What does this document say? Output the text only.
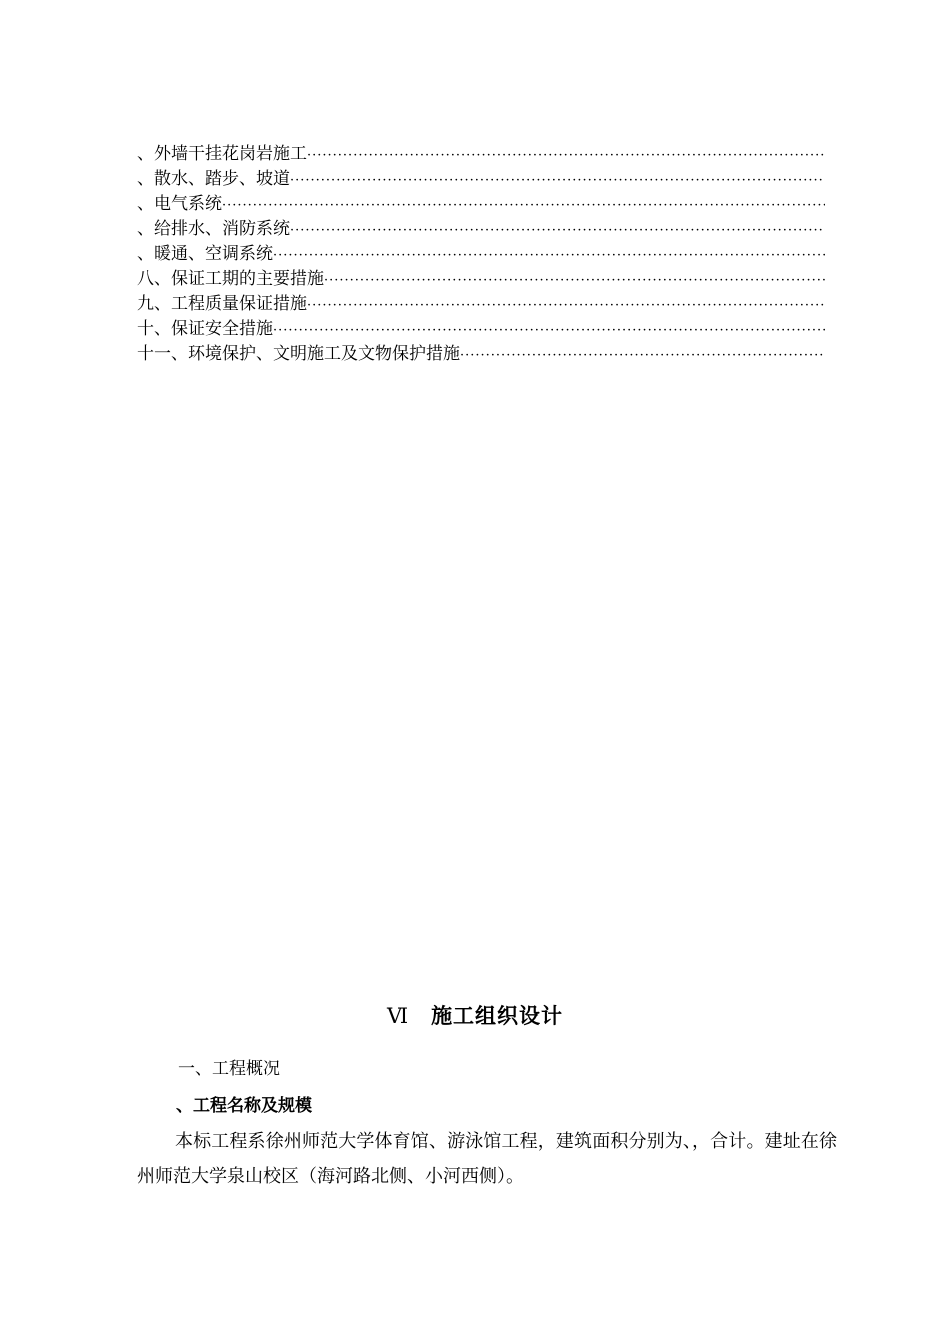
、外墙干挂花岗岩施工
·····
、散水、踏步、坡道
·····
、电气系统
·····
、给排水、消防系统
·····
、暖通、空调系统
·····
八、保证工期的主要措施
·····
九、工程质量保证措施
·····
十、保证安全措施
·····
十一、环境保护、文明施工及文物保护措施
·····
Ⅵ 施工组织设计
一、工程概况
、工程名称及规模
本标工程系徐州师范大学体育馆、游泳馆工程，建筑面积分别为、，合计。建址在徐州师范大学泉山校区（海河路北侧、小河西侧）。
